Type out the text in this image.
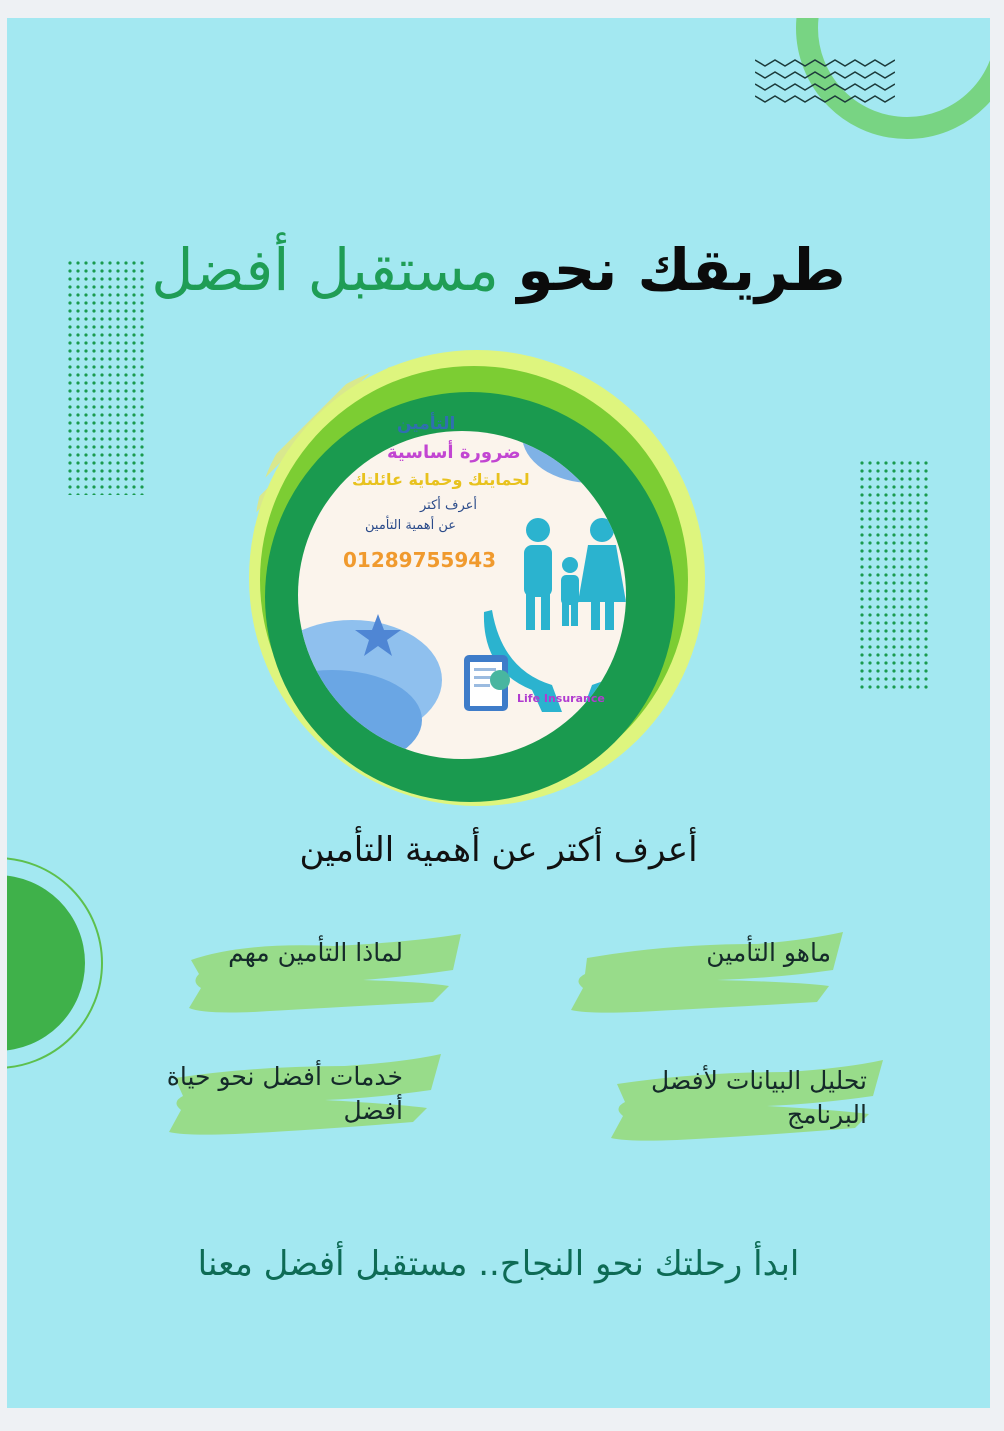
طريقك نحو مستقبل أفضل
التأمين
ضرورة أساسية
لحمايتك وحماية عائلتك
أعرف أكتر
عن أهمية التأمين
01289755943
Life Insurance
أعرف أكتر عن أهمية التأمين
ماهو التأمين
لماذا التأمين مهم
تحليل البيانات لأفضل البرنامج
خدمات أفضل نحو حياة أفضل
ابدأ رحلتك نحو النجاح.. مستقبل أفضل معنا
